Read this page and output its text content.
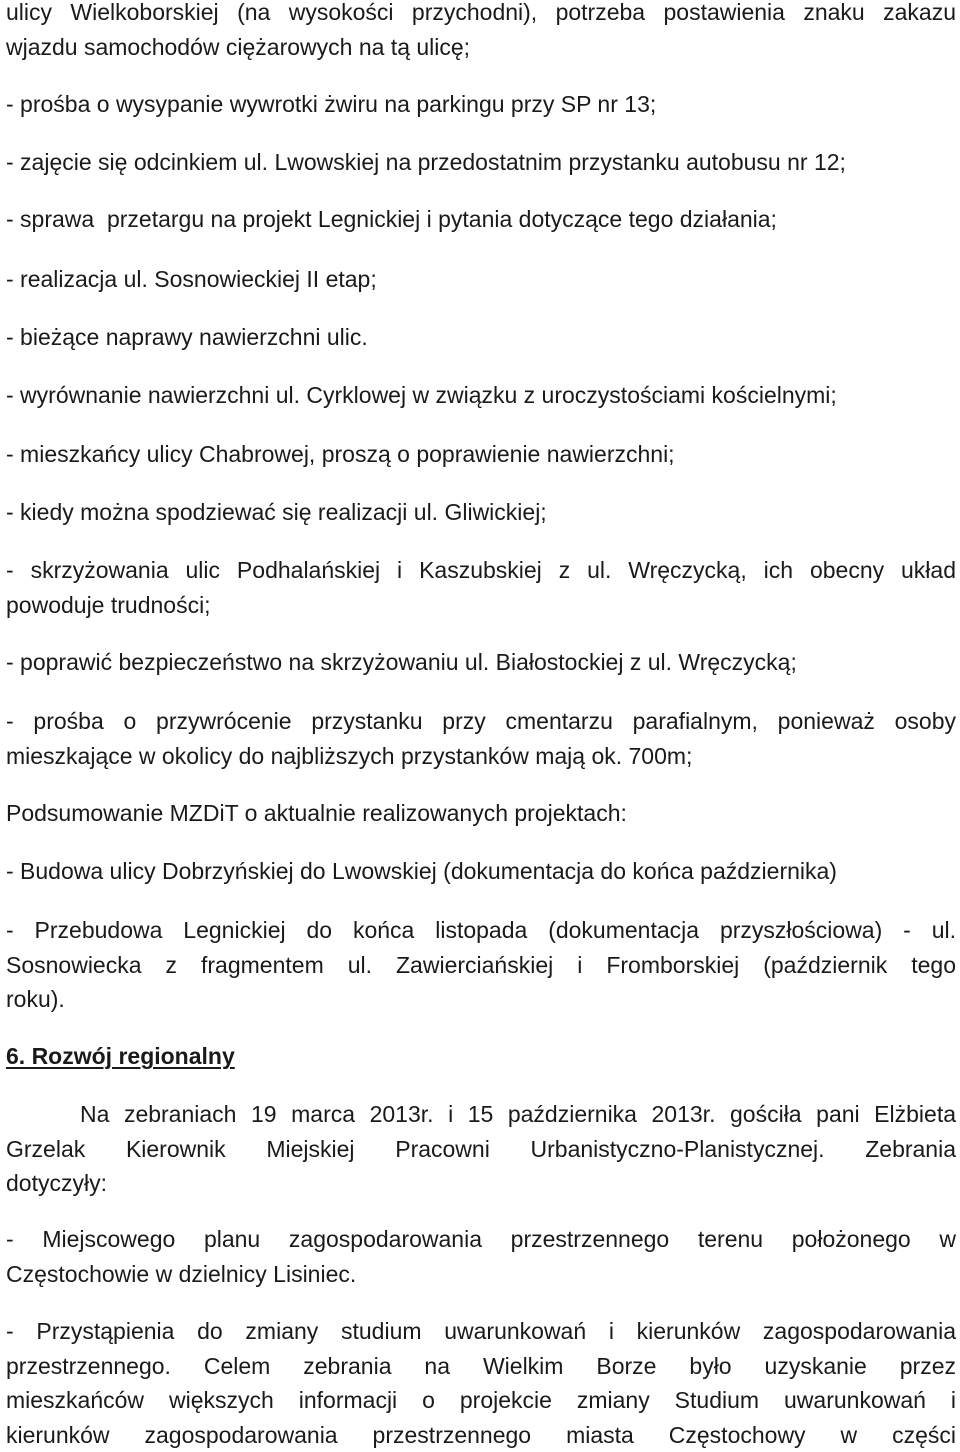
ulicy Wielkoborskiej (na wysokości przychodni), potrzeba postawienia znaku zakazu
wjazdu samochodów ciężarowych na tą ulicę;
- prośba o wysypanie wywrotki żwiru na parkingu przy SP nr 13;
- zajęcie się odcinkiem ul. Lwowskiej na przedostatnim przystanku autobusu nr 12;
- sprawa  przetargu na projekt Legnickiej i pytania dotyczące tego działania;
- realizacja ul. Sosnowieckiej II etap;
- bieżące naprawy nawierzchni ulic.
- wyrównanie nawierzchni ul. Cyrklowej w związku z uroczystościami kościelnymi;
- mieszkańcy ulicy Chabrowej, proszą o poprawienie nawierzchni;
- kiedy można spodziewać się realizacji ul. Gliwickiej;
- skrzyżowania ulic Podhalańskiej i Kaszubskiej z ul. Wręczycką, ich obecny układ
powoduje trudności;
- poprawić bezpieczeństwo na skrzyżowaniu ul. Białostockiej z ul. Wręczycką;
- prośba o przywrócenie przystanku przy cmentarzu parafialnym, ponieważ osoby
mieszkające w okolicy do najbliższych przystanków mają ok. 700m;
Podsumowanie MZDiT o aktualnie realizowanych projektach:
- Budowa ulicy Dobrzyńskiej do Lwowskiej (dokumentacja do końca października)
- Przebudowa Legnickiej do końca listopada (dokumentacja przyszłościowa) - ul.
Sosnowiecka z fragmentem ul. Zawierciańskiej i Fromborskiej (październik tego
roku).
6. Rozwój regionalny
Na zebraniach 19 marca 2013r. i 15 października 2013r. gościła pani Elżbieta
Grzelak Kierownik Miejskiej Pracowni Urbanistyczno-Planistycznej. Zebrania
dotyczyły:
- Miejscowego planu zagospodarowania przestrzennego terenu położonego w
Częstochowie w dzielnicy Lisiniec.
- Przystąpienia do zmiany studium uwarunkowań i kierunków zagospodarowania
przestrzennego. Celem zebrania na Wielkim Borze było uzyskanie przez
mieszkańców większych informacji o projekcie zmiany Studium uwarunkowań i
kierunków zagospodarowania przestrzennego miasta Częstochowy w części
